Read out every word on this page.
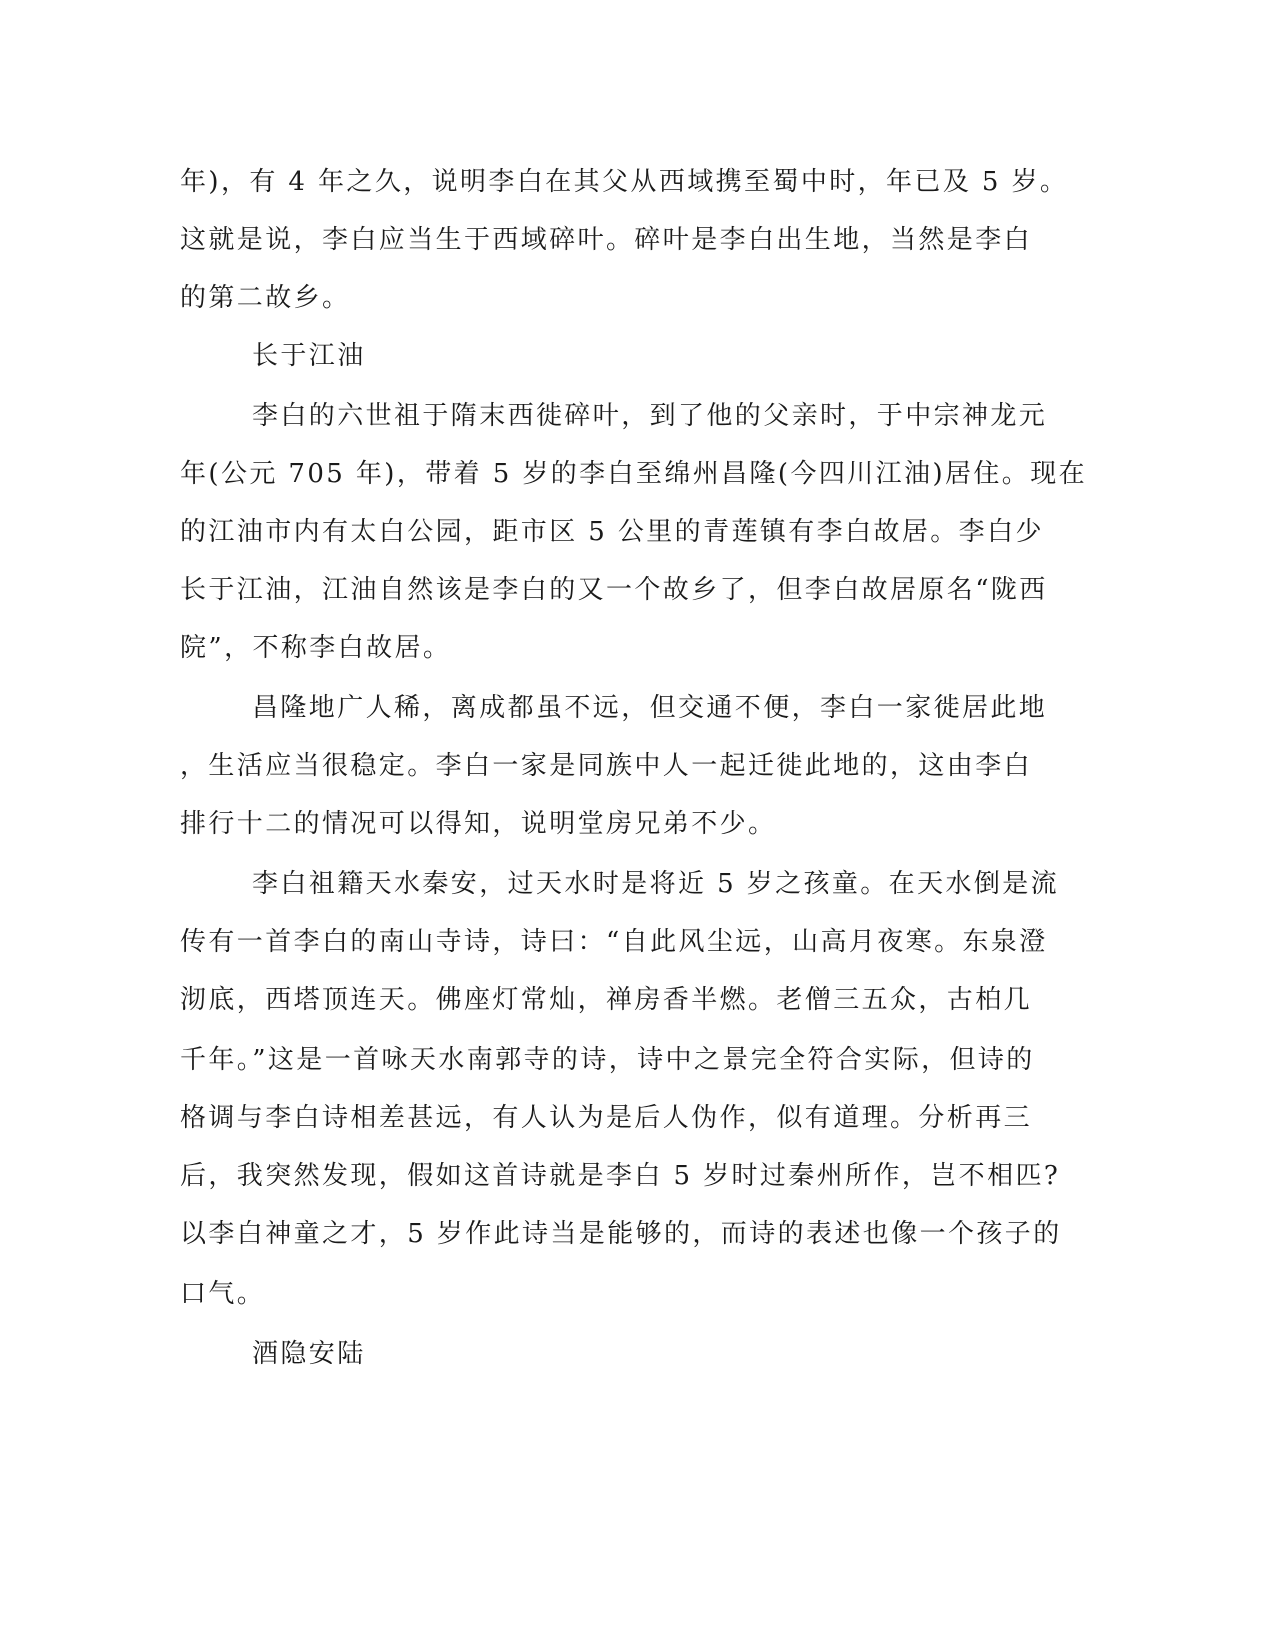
年)，有 4 年之久，说明李白在其父从西域携至蜀中时，年已及 5 岁。
这就是说，李白应当生于西域碎叶。碎叶是李白出生地，当然是李白
的第二故乡。
长于江油
李白的六世祖于隋末西徙碎叶，到了他的父亲时，于中宗神龙元
年(公元 705 年)，带着 5 岁的李白至绵州昌隆(今四川江油)居住。现在
的江油市内有太白公园，距市区 5 公里的青莲镇有李白故居。李白少
长于江油，江油自然该是李白的又一个故乡了，但李白故居原名“陇西
院”，不称李白故居。
昌隆地广人稀，离成都虽不远，但交通不便，李白一家徙居此地
，生活应当很稳定。李白一家是同族中人一起迁徙此地的，这由李白
排行十二的情况可以得知，说明堂房兄弟不少。
李白祖籍天水秦安，过天水时是将近 5 岁之孩童。在天水倒是流
传有一首李白的南山寺诗，诗曰：“自此风尘远，山高月夜寒。东泉澄
沏底，西塔顶连天。佛座灯常灿，禅房香半燃。老僧三五众，古柏几
千年。”这是一首咏天水南郭寺的诗，诗中之景完全符合实际，但诗的
格调与李白诗相差甚远，有人认为是后人伪作，似有道理。分析再三
后，我突然发现，假如这首诗就是李白 5 岁时过秦州所作，岂不相匹?
以李白神童之才，5 岁作此诗当是能够的，而诗的表述也像一个孩子的
口气。
酒隐安陆
